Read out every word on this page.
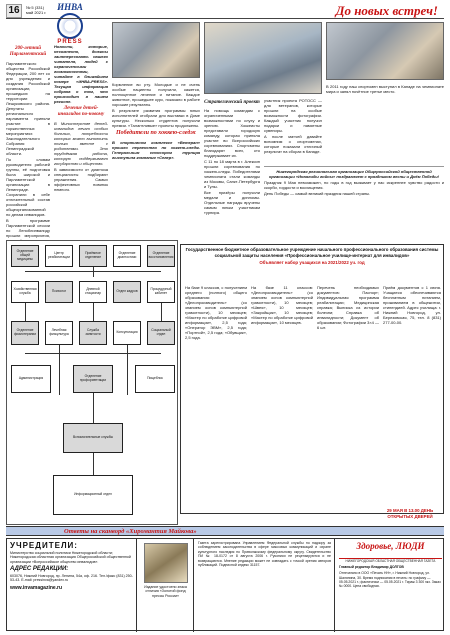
16	№ 5 (331)
май 2021 г.	До новых встреч!
ИНВА
PRESS
200-летний Парламентский

Парламентского общества Российской Федерации, 200 лет со дня учреждения и создания Российской организации, прошедших на территории Лешуковского района. Депутаты регионального парламента приняли участие в торжественных мероприятиях Законодательного Собрания Ленинградской области.

По словам руководителя рабочей группы, её подготовка была широкой и Парламентской организации в Ленинграде. Сохранили в себе отличительный состав российской общеорганизованной по делам инвалидов.

В программе Парламентской сессии по Леноблинвалиду прошли мероприятия,

Новости, которые, несомненно, должны заинтересовать нашего читателя, людей с ограниченными возможностями, читайте в ближайшем номере «ИНВА-PRESS». Текущая информация собрана о том, что происходит в нашем регионе.

Лечение детей-инвалидов по-новому

В Министерстве детей-инвалидов лечат особых больных, потребности которых можно выполнить только вместе с родителями. Это трудоёмкая работа, которую поддерживают государство и общество.

В зависимости от диагноза специалисты подбирают упражнения. Самых эффективных новинок немного.

Кормление во рту. Молодые и не очень особые пациенты получили, кажется, полноценное лечение и питание. Каждое животное, прошедшее курс, показало в работе хорошие результаты.

В результате развития программы юных исполнителей отобрали для выставки в Доме культуры. Несколько студентов получили премии. «Талантливые» проекты продолжены.

Победители по хоккею-следж

В спортивном комплексе «Ветеран» прошло первенство по хоккею-следж. Генеральным спонсором турнира выступила компания «Север».

Стратегический проект

На помощь командам с ограниченными возможностями по слуху и зрению. Хоккеисты представили городскую команду, которая приняла участие во Всероссийских соревнованиях. Спортсмены благодарят всех, кто поддерживает их.

С 11 по 18 марта в г. Алексин прошли соревнования по хоккею-следж. Победителями чемпионата стали команды из Москвы, Санкт-Петербурга и Тулы.

Все призёры получили медали и дипломы. Отдельные награды вручены самым юным участникам турнира.

участник проекта РОТОСС — для ветеранов, которые прошли на особые возможности фотографии. Каждый участник получил подарки и памятные сувениры.

А после матчей давайте вспомним о спортсменах, которые показали отличный результат на сборах в Канаде.

В 2011 году наш спортсмен выступил в Канаде на чемпионате мира и занял почётное третье место.

Нижегородская региональная организация Общероссийской общественной организации «Инвалиды войны» поздравляет с праздником весны и Днём Победы!

Праздник 9 Мая невозможен, но годы в год вызывает у нас искреннее чувство радости и скорби, гордости и восхищения.

День Победы — самый великий праздник нашей страны.

Отделение общей медицины
Центр реабилитации
Приёмное отделение
Отделение диагностики
Отделение восстановления
Хозяйственная служба	Психолог	Дневной стационар	Отдел кадров	Процедурный кабинет
Отделение физиотерапии
Лечебная физкультура
Служба занятости	Консультация	Социальный отдел
Администрация	Отделение профориентации	Пищеблок
Вспомогательные службы
Информационный отдел
Государственное бюджетное образовательное учреждение начального профессионального образования системы социальной защиты населения «Профессиональное училище-интернат для инвалидов»
Объявляет набор учащихся на 2021/2022 уч. год

На базе 9 классов, с получением среднего (полного) общего образования: «Делопроизводитель» (со знанием основ компьютерной грамотности), 10 месяцев; «Мастер по обработке цифровой информации», 2,5 года; «Оператор ЭВМ», 2,5 года; «Портной», 2,5 года; «Обувщик», 2,5 года.

На базе 11 классов: «Делопроизводитель» (со знанием основ компьютерной грамотности), 10 месяцев; «Швея», 10 месяцев; «Закройщик», 10 месяцев; «Мастер по обработке цифровой информации», 10 месяцев.

Перечень необходимых документов: Паспорт; Индивидуальная программа реабилитации; Медицинская справка; Выписка из истории болезни; Справка об инвалидности; Документ об образовании; Фотографии 3×4 — 6 шт.

Приём документов с 1 июня. Учащиеся обеспечиваются бесплатным питанием, проживанием в общежитии, стипендией. Адрес училища: г. Нижний Новгород, ул. Березовская, 75, тел. 8 (831) 277-00-00.

29 МАЯ В 13.00 ДЕНЬ ОТКРЫТЫХ ДВЕРЕЙ
Ответы на сканворд «Хиромантия Майкова»
УЧРЕДИТЕЛИ:

Министерство социальной политики Нижегородской области; Нижегородская областная организация Общероссийской общественной организации «Всероссийское общество инвалидов».

АДРЕС РЕДАКЦИИ:

603076, Нижний Новгород, пр. Ленина, 54а, оф. 216. Тел./факс (831) 250-53-43. E-mail: pressinva@yandex.ru

www.invamagazine.ru	Издание удостоено знака отличия «Золотой фонд прессы России»

Газета зарегистрирована Управлением Федеральной службы по надзору за соблюдением законодательства в сфере массовых коммуникаций и охране культурного наследия по Приволжскому федеральному округу. Свидетельство ПИ № 18-0172 от 8 августа 2006 г. Рукописи не рецензируются и не возвращаются. Мнение редакции может не совпадать с точкой зрения авторов публикаций. Подписной индекс 31157.

Здоровье, ЛЮДИ
НИЖЕГОРОДСКАЯ ОБЛАСТНАЯ ОБЩЕСТВЕННАЯ ГАЗЕТА

Главный редактор Владимир ДОЛГОВ

Отпечатано в ООО «Печать НН», г. Нижний Новгород, ул. Шаляпина, 30. Время подписания в печать: по графику — 05.05.2021 г.; фактически — 05.05.2021 г. Тираж 3 300 экз. Заказ № 0000. Цена свободная.
